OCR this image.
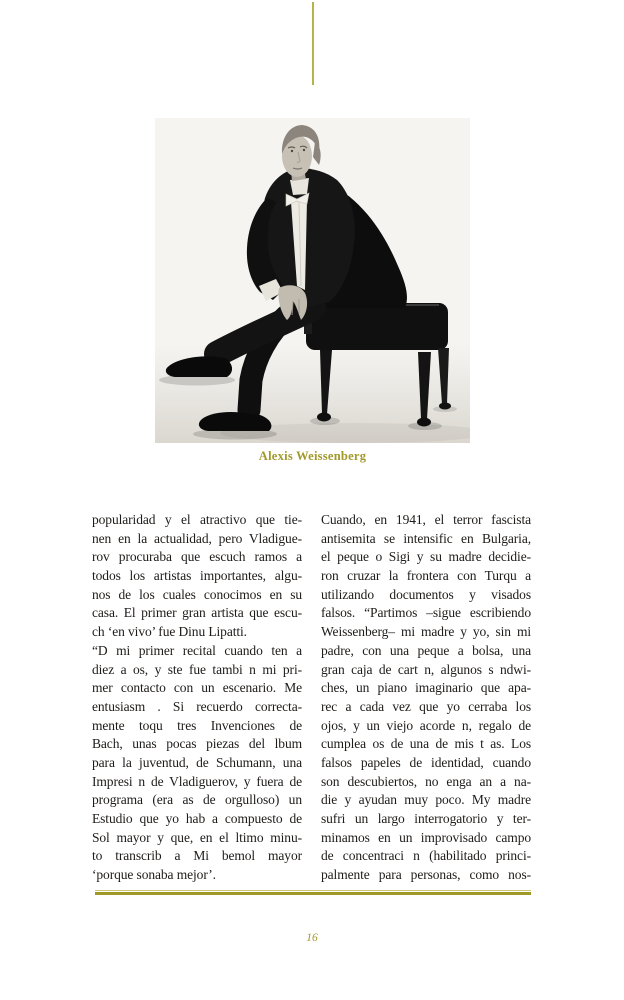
Alexis Weissenberg
popularidad y el atractivo que tie-
nen en la actualidad, pero Vladigue-
rov procuraba que escuch ramos a
todos los artistas importantes, algu-
nos de los cuales conocimos en su
casa. El primer gran artista que escu-
ch ‘en vivo’ fue Dinu Lipatti.
“D mi primer recital cuando ten a
diez a os, y ste fue tambi n mi pri-
mer contacto con un escenario. Me
entusiasm . Si recuerdo correcta-
mente toqu tres Invenciones de
Bach, unas pocas piezas del lbum
para la juventud, de Schumann, una
Impresi n de Vladiguerov, y fuera de
programa (era as de orgulloso) un
Estudio que yo hab a compuesto de
Sol mayor y que, en el ltimo minu-
to transcrib a Mi bemol mayor
‘porque sonaba mejor’.
Cuando, en 1941, el terror fascista
antisemita se intensific en Bulgaria,
el peque o Sigi y su madre decidie-
ron cruzar la frontera con Turqu a
utilizando documentos y visados
falsos. “Partimos –sigue escribiendo
Weissenberg– mi madre y yo, sin mi
padre, con una peque a bolsa, una
gran caja de cart n, algunos s ndwi-
ches, un piano imaginario que apa-
rec a cada vez que yo cerraba los
ojos, y un viejo acorde n, regalo de
cumplea os de una de mis t as. Los
falsos papeles de identidad, cuando
son descubiertos, no enga an a na-
die y ayudan muy poco. My madre
sufri un largo interrogatorio y ter-
minamos en un improvisado campo
de concentraci n (habilitado princi-
palmente para personas, como nos-
16
